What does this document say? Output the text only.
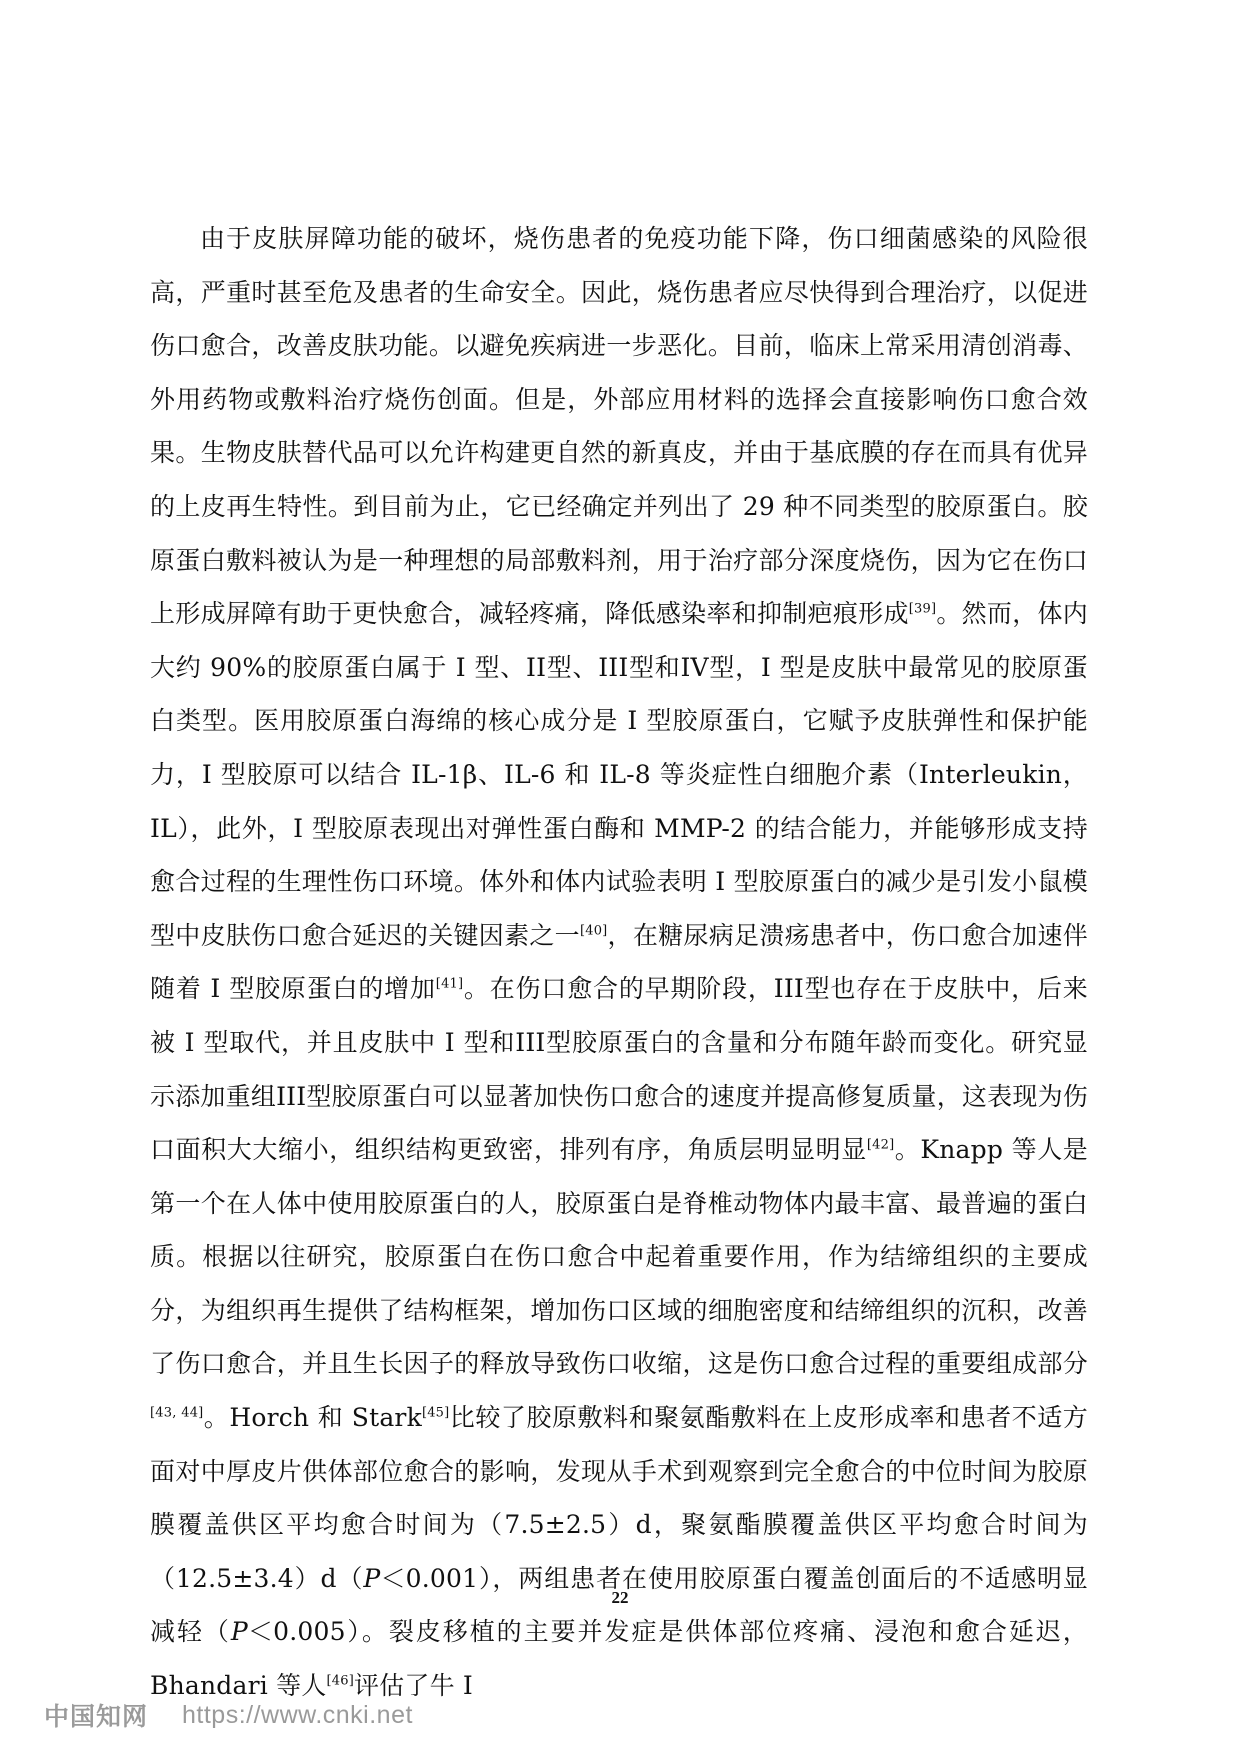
由于皮肤屏障功能的破坏，烧伤患者的免疫功能下降，伤口细菌感染的风险很高，严重时甚至危及患者的生命安全。因此，烧伤患者应尽快得到合理治疗，以促进伤口愈合，改善皮肤功能。以避免疾病进一步恶化。目前，临床上常采用清创消毒、外用药物或敷料治疗烧伤创面。但是，外部应用材料的选择会直接影响伤口愈合效果。生物皮肤替代品可以允许构建更自然的新真皮，并由于基底膜的存在而具有优异的上皮再生特性。到目前为止，它已经确定并列出了 29 种不同类型的胶原蛋白。胶原蛋白敷料被认为是一种理想的局部敷料剂，用于治疗部分深度烧伤，因为它在伤口上形成屏障有助于更快愈合，减轻疼痛，降低感染率和抑制疤痕形成[39]。然而，体内大约 90%的胶原蛋白属于 I 型、II型、III型和IV型，I 型是皮肤中最常见的胶原蛋白类型。医用胶原蛋白海绵的核心成分是 I 型胶原蛋白，它赋予皮肤弹性和保护能力，I 型胶原可以结合 IL-1β、IL-6 和 IL-8 等炎症性白细胞介素（Interleukin，IL），此外，I 型胶原表现出对弹性蛋白酶和 MMP-2 的结合能力，并能够形成支持愈合过程的生理性伤口环境。体外和体内试验表明 I 型胶原蛋白的减少是引发小鼠模型中皮肤伤口愈合延迟的关键因素之一[40]，在糖尿病足溃疡患者中，伤口愈合加速伴随着 I 型胶原蛋白的增加[41]。在伤口愈合的早期阶段，III型也存在于皮肤中，后来被 I 型取代，并且皮肤中 I 型和III型胶原蛋白的含量和分布随年龄而变化。研究显示添加重组III型胶原蛋白可以显著加快伤口愈合的速度并提高修复质量，这表现为伤口面积大大缩小，组织结构更致密，排列有序，角质层明显明显[42]。Knapp 等人是第一个在人体中使用胶原蛋白的人，胶原蛋白是脊椎动物体内最丰富、最普遍的蛋白质。根据以往研究，胶原蛋白在伤口愈合中起着重要作用，作为结缔组织的主要成分，为组织再生提供了结构框架，增加伤口区域的细胞密度和结缔组织的沉积，改善了伤口愈合，并且生长因子的释放导致伤口收缩，这是伤口愈合过程的重要组成部分[43, 44]。Horch 和 Stark[45]比较了胶原敷料和聚氨酯敷料在上皮形成率和患者不适方面对中厚皮片供体部位愈合的影响，发现从手术到观察到完全愈合的中位时间为胶原膜覆盖供区平均愈合时间为（7.5±2.5）d，聚氨酯膜覆盖供区平均愈合时间为（12.5±3.4）d（P＜0.001），两组患者在使用胶原蛋白覆盖创面后的不适感明显减轻（P＜0.005）。裂皮移植的主要并发症是供体部位疼痛、浸泡和愈合延迟，Bhandari 等人[46]评估了牛 I

22
中国知网 https://www.cnki.net
